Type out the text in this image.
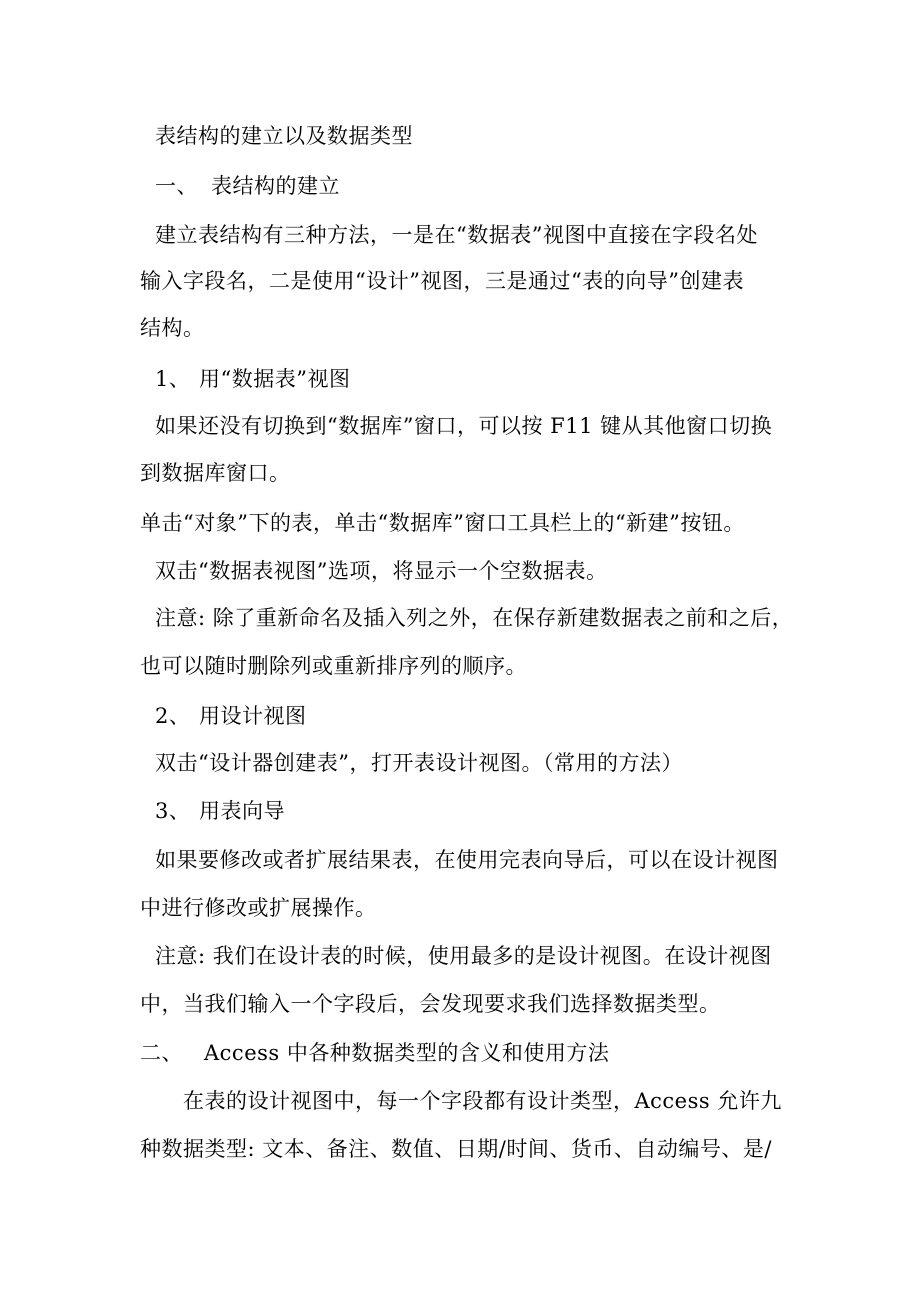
表结构的建立以及数据类型
一、 表结构的建立
建立表结构有三种方法，一是在“数据表”视图中直接在字段名处
输入字段名，二是使用“设计”视图，三是通过“表的向导”创建表
结构。
1、 用“数据表”视图
如果还没有切换到“数据库”窗口，可以按 F11 键从其他窗口切换
到数据库窗口。
单击“对象”下的表，单击“数据库”窗口工具栏上的“新建”按钮。
双击“数据表视图”选项，将显示一个空数据表。
注意: 除了重新命名及插入列之外，在保存新建数据表之前和之后，
也可以随时删除列或重新排序列的顺序。
2、 用设计视图
双击“设计器创建表”，打开表设计视图。（常用的方法）
3、 用表向导
如果要修改或者扩展结果表，在使用完表向导后，可以在设计视图
中进行修改或扩展操作。
注意: 我们在设计表的时候，使用最多的是设计视图。在设计视图
中，当我们输入一个字段后，会发现要求我们选择数据类型。
二、 Access 中各种数据类型的含义和使用方法
在表的设计视图中，每一个字段都有设计类型，Access 允许九
种数据类型: 文本、备注、数值、日期/时间、货币、自动编号、是/
